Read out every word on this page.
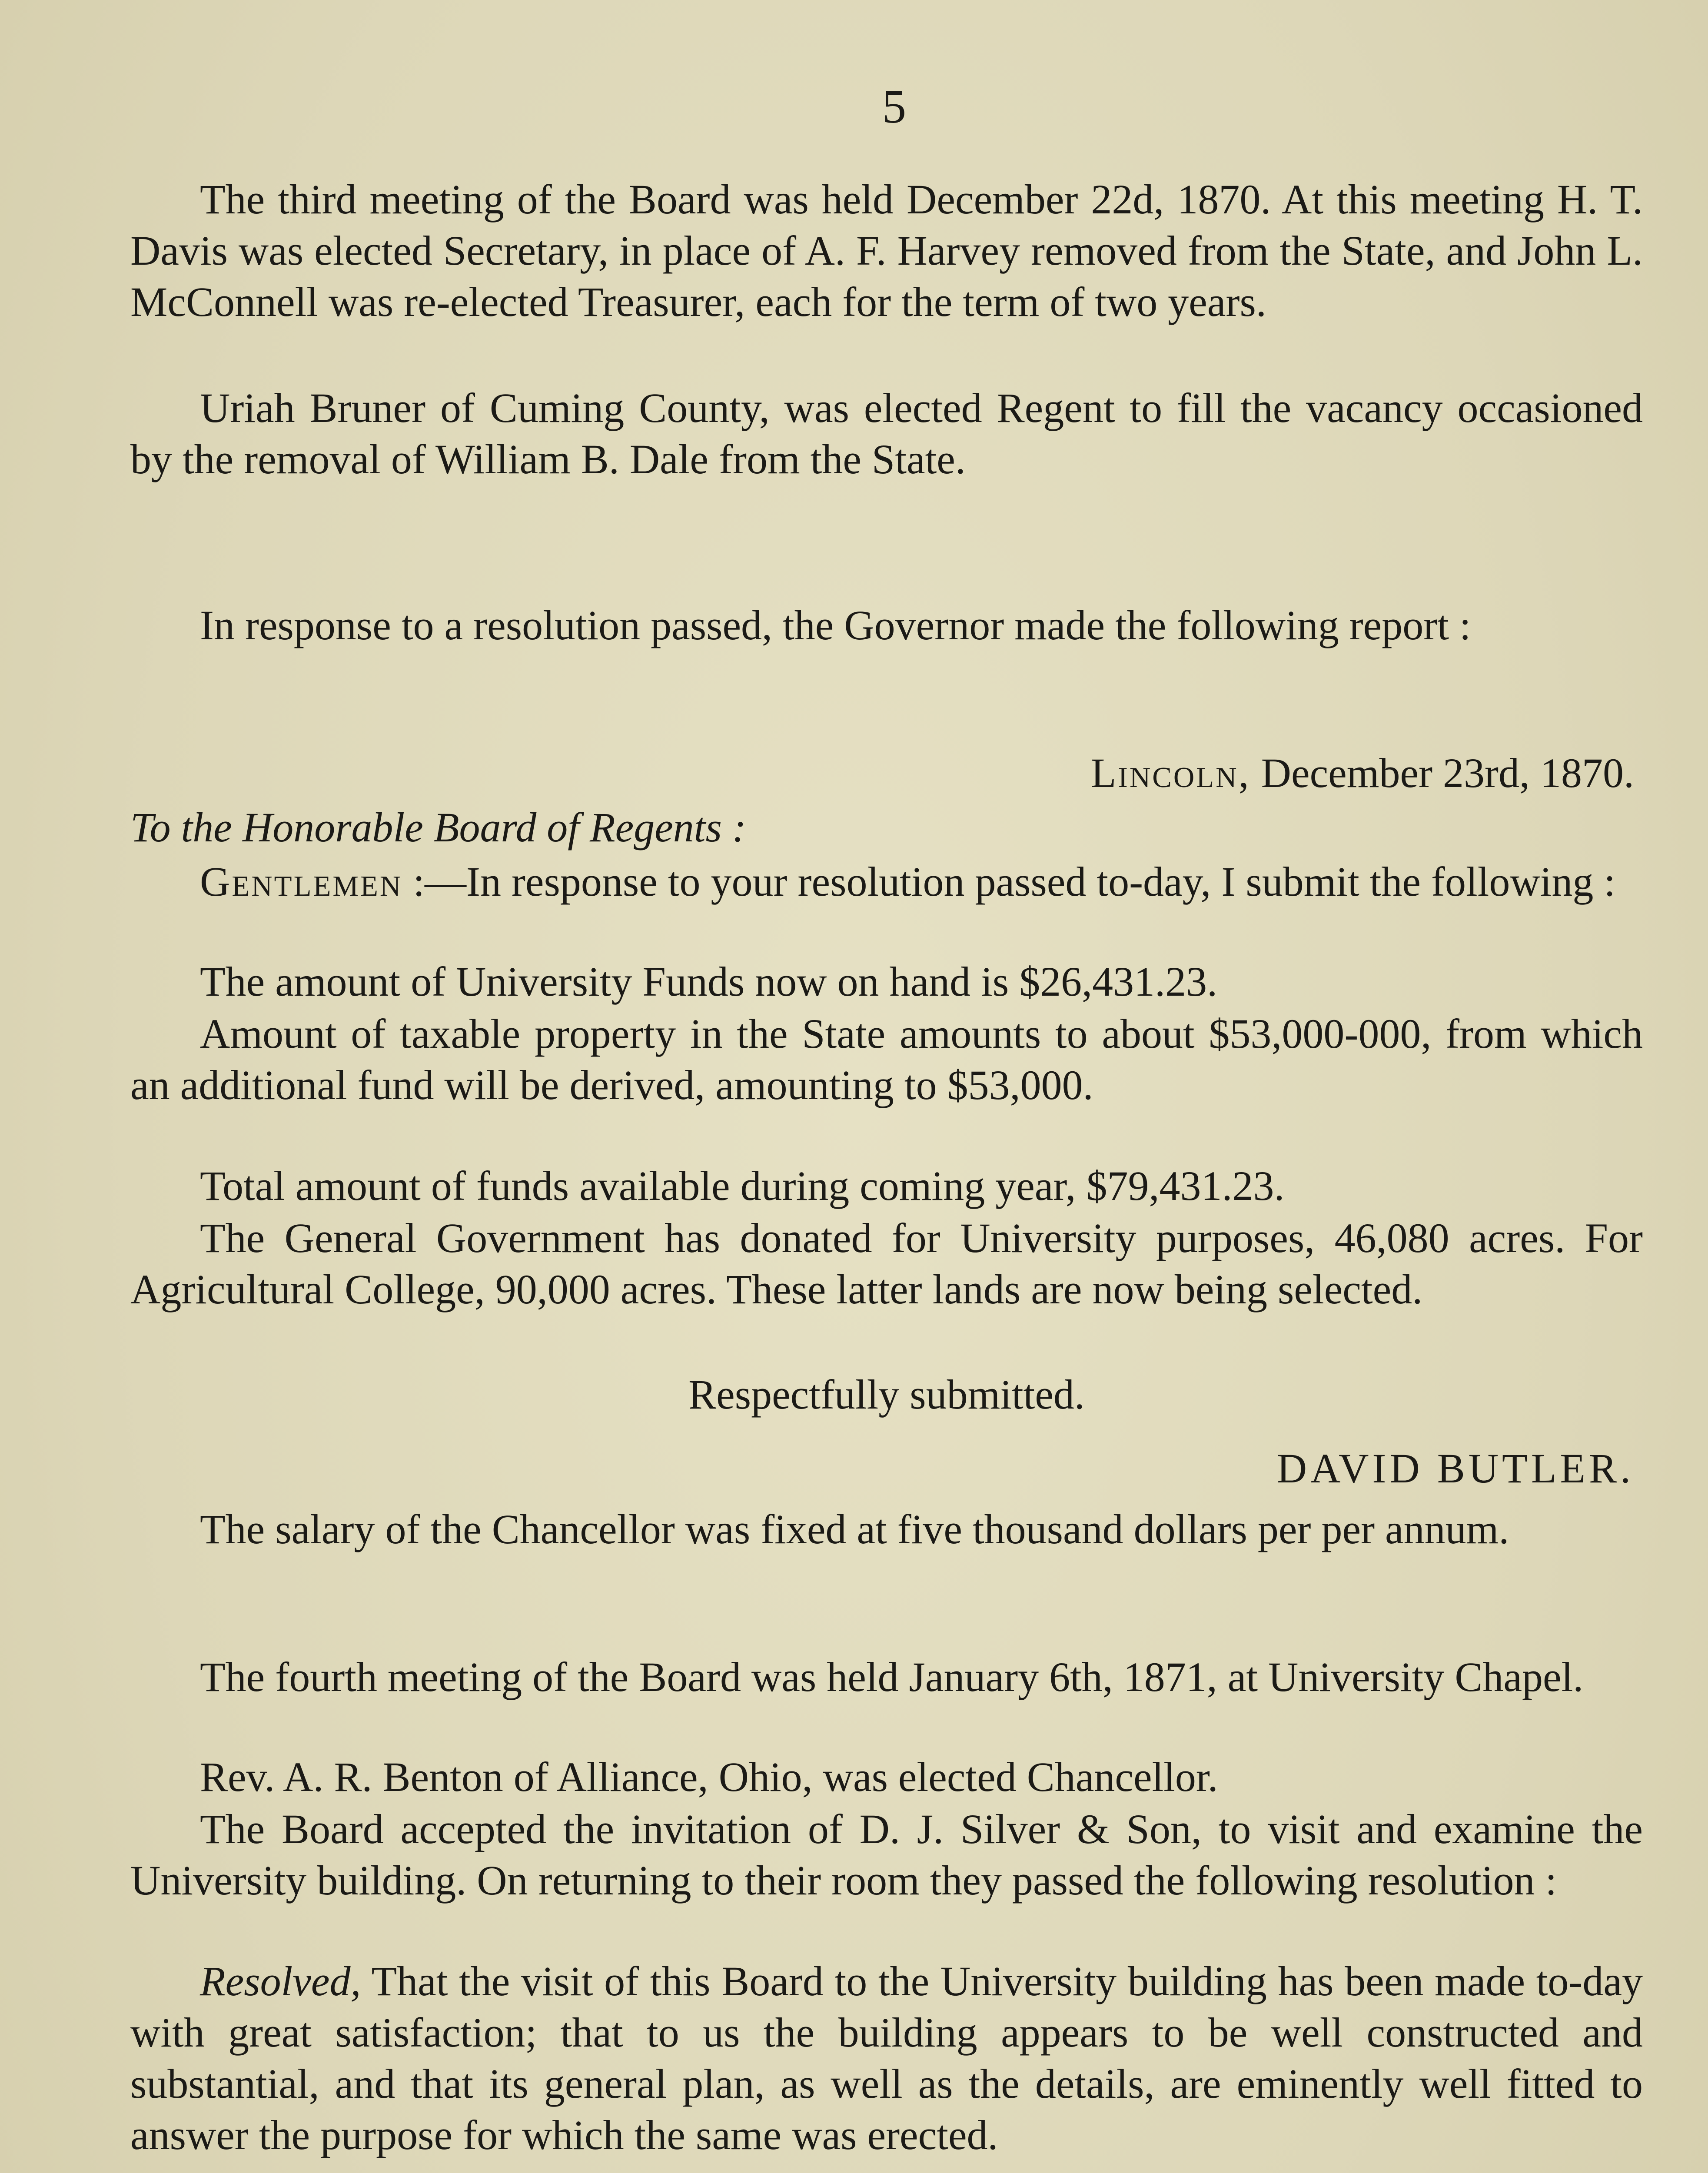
5

The third meeting of the Board was held December 22d, 1870. At this meeting H. T. Davis was elected Secretary, in place of A. F. Harvey removed from the State, and John L. McConnell was re-elected Treasurer, each for the term of two years.

Uriah Bruner of Cuming County, was elected Regent to fill the vacancy occasioned by the removal of William B. Dale from the State.

In response to a resolution passed, the Governor made the following report :

Lincoln, December 23rd, 1870.

To the Honorable Board of Regents :

Gentlemen :—In response to your resolution passed to-day, I submit the following :

The amount of University Funds now on hand is $26,431.23.

Amount of taxable property in the State amounts to about $53,000-000, from which an additional fund will be derived, amounting to $53,000.

Total amount of funds available during coming year, $79,431.23.

The General Government has donated for University purposes, 46,080 acres. For Agricultural College, 90,000 acres. These latter lands are now being selected.

Respectfully submitted.

DAVID BUTLER.

The salary of the Chancellor was fixed at five thousand dollars per per annum.

The fourth meeting of the Board was held January 6th, 1871, at University Chapel.

Rev. A. R. Benton of Alliance, Ohio, was elected Chancellor.

The Board accepted the invitation of D. J. Silver & Son, to visit and examine the University building. On returning to their room they passed the following resolution :

Resolved, That the visit of this Board to the University building has been made to-day with great satisfaction; that to us the building appears to be well constructed and substantial, and that its general plan, as well as the details, are eminently well fitted to answer the purpose for which the same was erected.
